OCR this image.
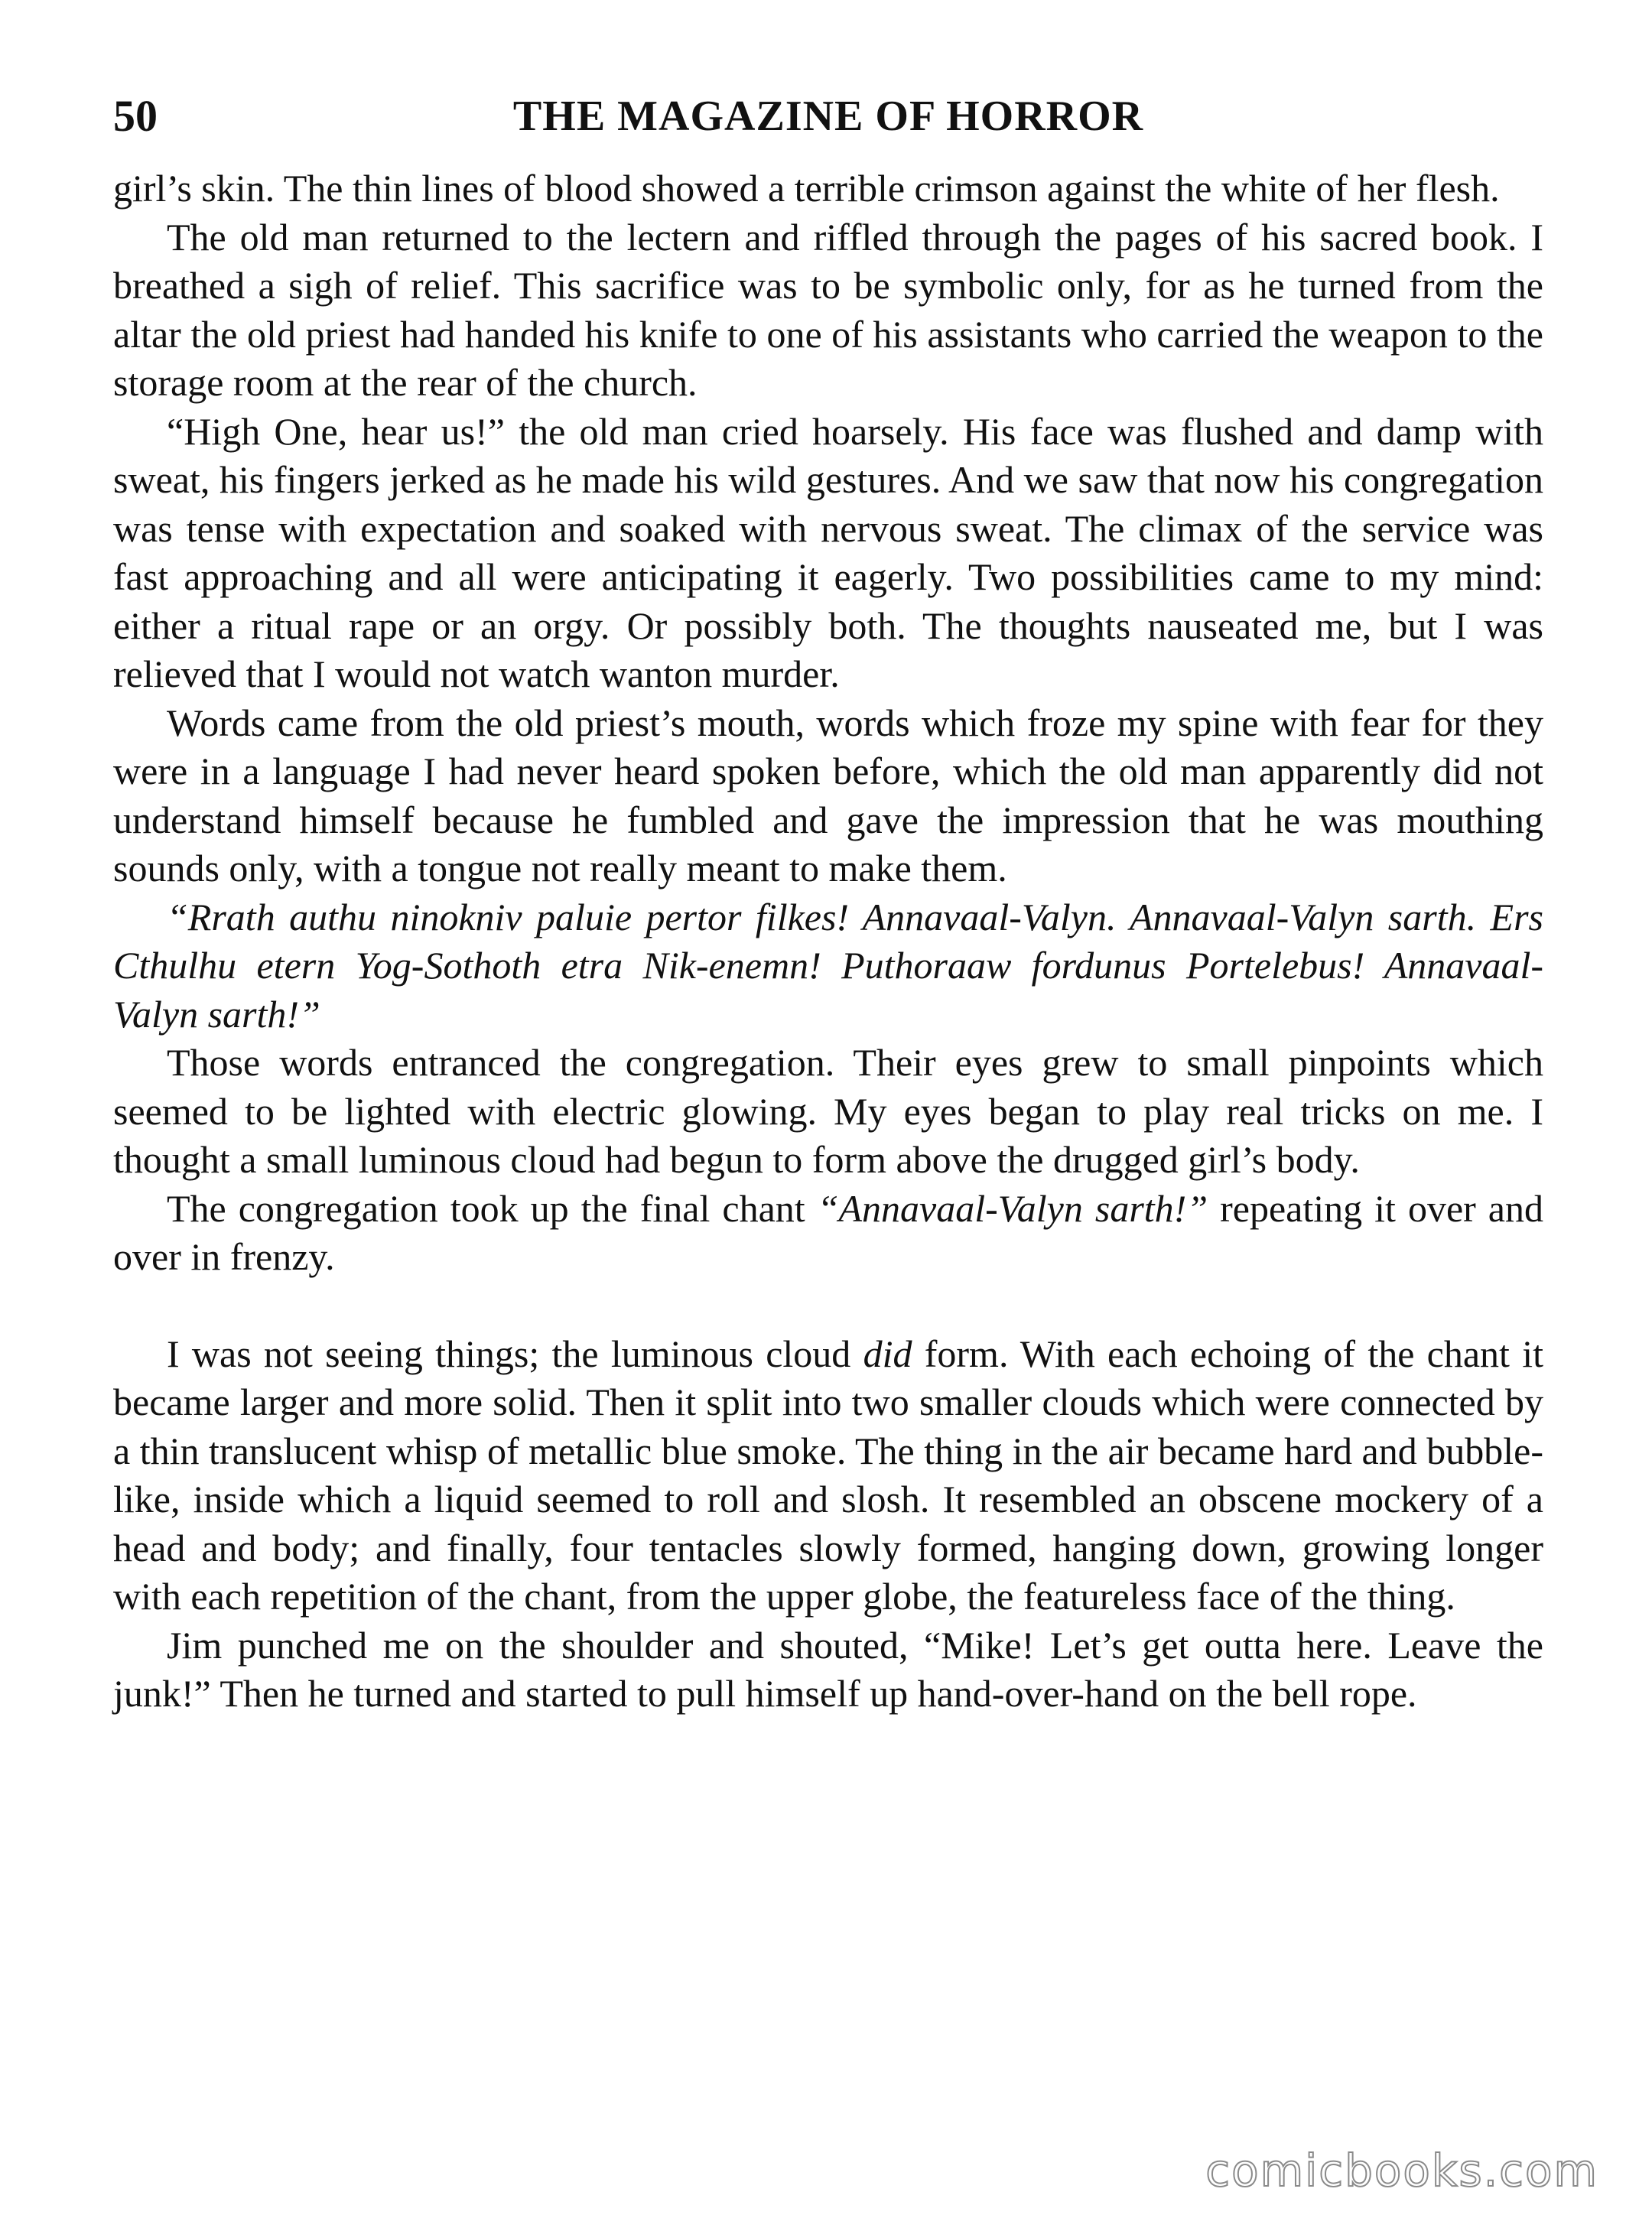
50	THE MAGAZINE OF HORROR

girl’s skin. The thin lines of blood showed a terrible crimson against the white of her flesh.

The old man returned to the lectern and riffled through the pages of his sacred book. I breathed a sigh of relief. This sacrifice was to be symbolic only, for as he turned from the altar the old priest had handed his knife to one of his assistants who carried the weapon to the storage room at the rear of the church.

“High One, hear us!” the old man cried hoarsely. His face was flushed and damp with sweat, his fingers jerked as he made his wild gestures. And we saw that now his congregation was tense with expectation and soaked with nervous sweat. The climax of the service was fast approaching and all were anticipating it eagerly. Two possibilities came to my mind: either a ritual rape or an orgy. Or possibly both. The thoughts nauseated me, but I was relieved that I would not watch wanton murder.

Words came from the old priest’s mouth, words which froze my spine with fear for they were in a language I had never heard spoken before, which the old man apparently did not understand himself because he fumbled and gave the impression that he was mouthing sounds only, with a tongue not really meant to make them.

“Rrath authu ninokniv paluie pertor filkes! Annavaal-Valyn. Annavaal-Valyn sarth. Ers Cthulhu etern Yog-Sothoth etra Nik-enemn! Puthoraaw fordunus Portelebus! Annavaal-Valyn sarth!”

Those words entranced the congregation. Their eyes grew to small pinpoints which seemed to be lighted with electric glowing. My eyes began to play real tricks on me. I thought a small luminous cloud had begun to form above the drugged girl’s body.

The congregation took up the final chant “Annavaal-Valyn sarth!” repeating it over and over in frenzy.

I was not seeing things; the luminous cloud did form. With each echoing of the chant it became larger and more solid. Then it split into two smaller clouds which were connected by a thin translucent whisp of metallic blue smoke. The thing in the air became hard and bubble-like, inside which a liquid seemed to roll and slosh. It resembled an obscene mockery of a head and body; and finally, four tentacles slowly formed, hanging down, growing longer with each repetition of the chant, from the upper globe, the featureless face of the thing.

Jim punched me on the shoulder and shouted, “Mike! Let’s get outta here. Leave the junk!” Then he turned and started to pull himself up hand-over-hand on the bell rope.

comicbooks.com
